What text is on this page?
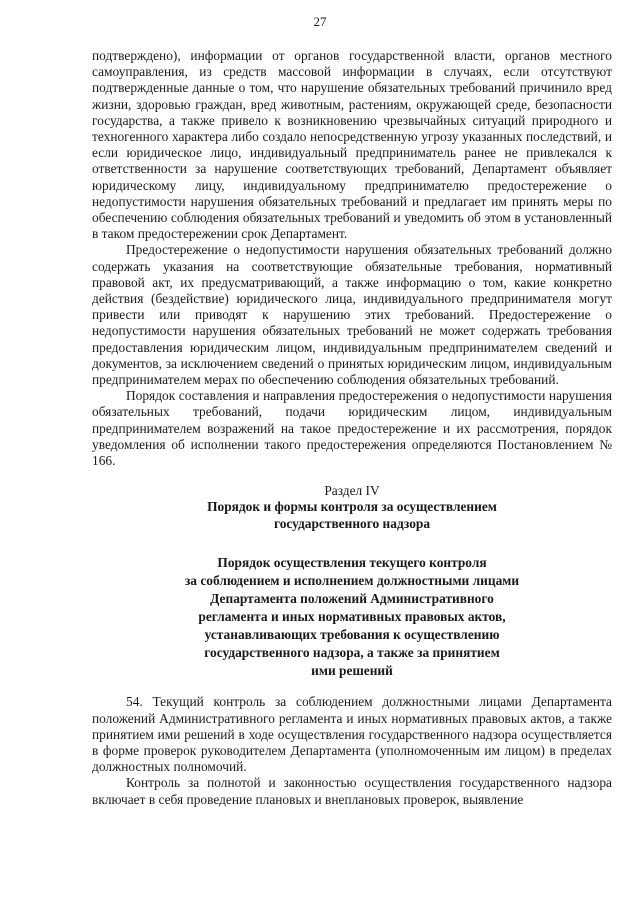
27

подтверждено), информации от органов государственной власти, органов местного самоуправления, из средств массовой информации в случаях, если отсутствуют подтвержденные данные о том, что нарушение обязательных требований причинило вред жизни, здоровью граждан, вред животным, растениям, окружающей среде, безопасности государства, а также привело к возникновению чрезвычайных ситуаций природного и техногенного характера либо создало непосредственную угрозу указанных последствий, и если юридическое лицо, индивидуальный предприниматель ранее не привлекался к ответственности за нарушение соответствующих требований, Департамент объявляет юридическому лицу, индивидуальному предпринимателю предостережение о недопустимости нарушения обязательных требований и предлагает им принять меры по обеспечению соблюдения обязательных требований и уведомить об этом в установленный в таком предостережении срок Департамент.

Предостережение о недопустимости нарушения обязательных требований должно содержать указания на соответствующие обязательные требования, нормативный правовой акт, их предусматривающий, а также информацию о том, какие конкретно действия (бездействие) юридического лица, индивидуального предпринимателя могут привести или приводят к нарушению этих требований. Предостережение о недопустимости нарушения обязательных требований не может содержать требования предоставления юридическим лицом, индивидуальным предпринимателем сведений и документов, за исключением сведений о принятых юридическим лицом, индивидуальным предпринимателем мерах по обеспечению соблюдения обязательных требований.

Порядок составления и направления предостережения о недопустимости нарушения обязательных требований, подачи юридическим лицом, индивидуальным предпринимателем возражений на такое предостережение и их рассмотрения, порядок уведомления об исполнении такого предостережения определяются Постановлением № 166.

Раздел IV

Порядок и формы контроля за осуществлением

государственного надзора

Порядок осуществления текущего контроля
за соблюдением и исполнением должностными лицами
Департамента положений Административного
регламента и иных нормативных правовых актов,
устанавливающих требования к осуществлению
государственного надзора, а также за принятием
ими решений

54. Текущий контроль за соблюдением должностными лицами Департамента положений Административного регламента и иных нормативных правовых актов, а также принятием ими решений в ходе осуществления государственного надзора осуществляется в форме проверок руководителем Департамента (уполномоченным им лицом) в пределах должностных полномочий.

Контроль за полнотой и законностью осуществления государственного надзора включает в себя проведение плановых и внеплановых проверок, выявление
